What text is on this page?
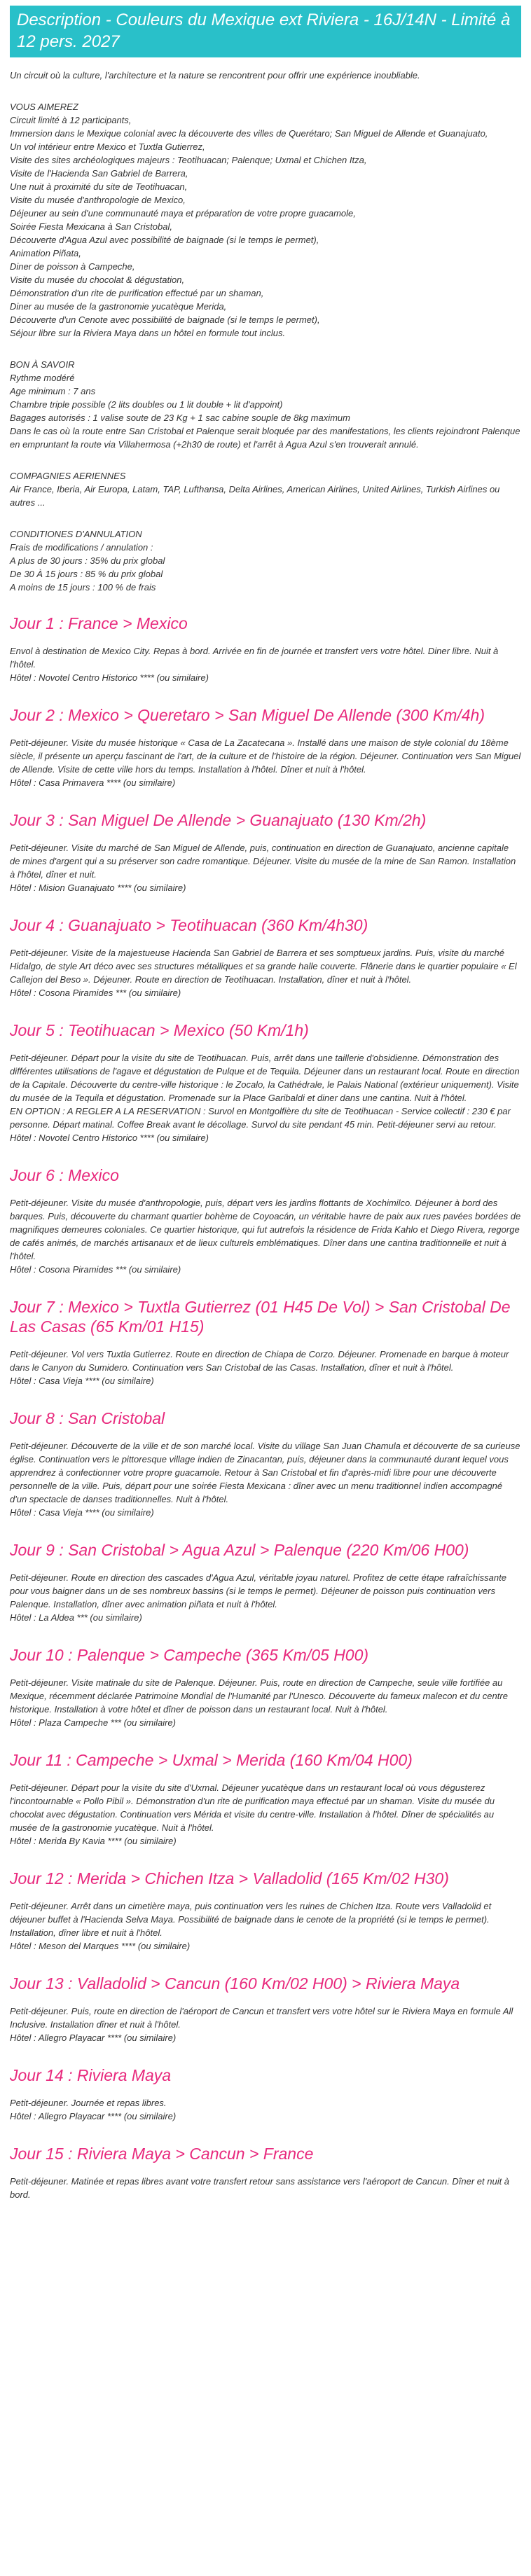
Description - Couleurs du Mexique ext Riviera - 16J/14N - Limité à 12 pers. 2027

Un circuit où la culture, l'architecture et la nature se rencontrent pour offrir une expérience inoubliable.

VOUS AIMEREZ
Circuit limité à 12 participants,
Immersion dans le Mexique colonial avec la découverte des villes de Querétaro; San Miguel de Allende et Guanajuato,
Un vol intérieur entre Mexico et Tuxtla Gutierrez,
Visite des sites archéologiques majeurs : Teotihuacan; Palenque; Uxmal et Chichen Itza,
Visite de l'Hacienda San Gabriel de Barrera,
Une nuit à proximité du site de Teotihuacan,
Visite du musée d'anthropologie de Mexico,
Déjeuner au sein d'une communauté maya et préparation de votre propre guacamole,
Soirée Fiesta Mexicana à San Cristobal,
Découverte d'Agua Azul avec possibilité de baignade (si le temps le permet),
Animation Piñata,
Diner de poisson à Campeche,
Visite du musée du chocolat & dégustation,
Démonstration d'un rite de purification effectué par un shaman,
Diner au musée de la gastronomie yucatèque Merida,
Découverte d'un Cenote avec possibilité de baignade (si le temps le permet),
Séjour libre sur la Riviera Maya dans un hôtel en formule tout inclus.
BON À SAVOIR
Rythme modéré
Age minimum : 7 ans
Chambre triple possible (2 lits doubles ou 1 lit double + lit d'appoint)
Bagages autorisés : 1 valise soute de 23 Kg + 1 sac cabine souple de 8kg maximum
Dans le cas où la route entre San Cristobal et Palenque serait bloquée par des manifestations, les clients rejoindront Palenque en empruntant la route via Villahermosa (+2h30 de route) et l'arrêt à Agua Azul s'en trouverait annulé.
COMPAGNIES AERIENNES
Air France, Iberia, Air Europa, Latam, TAP, Lufthansa, Delta Airlines, American Airlines, United Airlines, Turkish Airlines ou autres ...
CONDITIONES D'ANNULATION
Frais de modifications / annulation :
A plus de 30 jours : 35% du prix global
De 30 À 15 jours : 85 % du prix global
A moins de 15 jours : 100 % de frais
Jour 1 : France > Mexico
Envol à destination de Mexico City. Repas à bord. Arrivée en fin de journée et transfert vers votre hôtel. Diner libre. Nuit à l'hôtel.
Hôtel : Novotel Centro Historico **** (ou similaire)
Jour 2 : Mexico > Queretaro > San Miguel De Allende (300 Km/4h)
Petit-déjeuner. Visite du musée historique « Casa de La Zacatecana ». Installé dans une maison de style colonial du 18ème siècle, il présente un aperçu fascinant de l'art, de la culture et de l'histoire de la région. Déjeuner. Continuation vers San Miguel de Allende. Visite de cette ville hors du temps. Installation à l'hôtel. Dîner et nuit à l'hôtel.
Hôtel : Casa Primavera **** (ou similaire)
Jour 3 : San Miguel De Allende > Guanajuato (130 Km/2h)
Petit-déjeuner. Visite du marché de San Miguel de Allende, puis, continuation en direction de Guanajuato, ancienne capitale de mines d'argent qui a su préserver son cadre romantique. Déjeuner. Visite du musée de la mine de San Ramon. Installation à l'hôtel, dîner et nuit.
Hôtel : Mision Guanajuato **** (ou similaire)
Jour 4 : Guanajuato > Teotihuacan (360 Km/4h30)
Petit-déjeuner. Visite de la majestueuse Hacienda San Gabriel de Barrera et ses somptueux jardins. Puis, visite du marché Hidalgo, de style Art déco avec ses structures métalliques et sa grande halle couverte. Flânerie dans le quartier populaire « El Callejon del Beso ». Déjeuner. Route en direction de Teotihuacan. Installation, dîner et nuit à l'hôtel.
Hôtel : Cosona Piramides *** (ou similaire)
Jour 5 : Teotihuacan > Mexico (50 Km/1h)
Petit-déjeuner. Départ pour la visite du site de Teotihuacan. Puis, arrêt dans une taillerie d'obsidienne. Démonstration des différentes utilisations de l'agave et dégustation de Pulque et de Tequila. Déjeuner dans un restaurant local. Route en direction de la Capitale. Découverte du centre-ville historique : le Zocalo, la Cathédrale, le Palais National (extérieur uniquement). Visite du musée de la Tequila et dégustation. Promenade sur la Place Garibaldi et diner dans une cantina. Nuit à l'hôtel.
EN OPTION : A REGLER A LA RESERVATION : Survol en Montgolfière du site de Teotihuacan - Service collectif : 230 € par personne. Départ matinal. Coffee Break avant le décollage. Survol du site pendant 45 min. Petit-déjeuner servi au retour.
Hôtel : Novotel Centro Historico **** (ou similaire)
Jour 6 : Mexico
Petit-déjeuner. Visite du musée d'anthropologie, puis, départ vers les jardins flottants de Xochimilco. Déjeuner à bord des barques. Puis, découverte du charmant quartier bohème de Coyoacán, un véritable havre de paix aux rues pavées bordées de magnifiques demeures coloniales. Ce quartier historique, qui fut autrefois la résidence de Frida Kahlo et Diego Rivera, regorge de cafés animés, de marchés artisanaux et de lieux culturels emblématiques. Dîner dans une cantina traditionnelle et nuit à l'hôtel.
Hôtel : Cosona Piramides *** (ou similaire)
Jour 7 : Mexico > Tuxtla Gutierrez (01 H45 De Vol) > San Cristobal De Las Casas (65 Km/01 H15)
Petit-déjeuner. Vol vers Tuxtla Gutierrez. Route en direction de Chiapa de Corzo. Déjeuner. Promenade en barque à moteur dans le Canyon du Sumidero. Continuation vers San Cristobal de las Casas. Installation, dîner et nuit à l'hôtel.
Hôtel : Casa Vieja **** (ou similaire)
Jour 8 : San Cristobal
Petit-déjeuner. Découverte de la ville et de son marché local. Visite du village San Juan Chamula et découverte de sa curieuse église. Continuation vers le pittoresque village indien de Zinacantan, puis, déjeuner dans la communauté durant lequel vous apprendrez à confectionner votre propre guacamole. Retour à San Cristobal et fin d'après-midi libre pour une découverte personnelle de la ville. Puis, départ pour une soirée Fiesta Mexicana : dîner avec un menu traditionnel indien accompagné d'un spectacle de danses traditionnelles. Nuit à l'hôtel.
Hôtel : Casa Vieja **** (ou similaire)
Jour 9 : San Cristobal > Agua Azul > Palenque (220 Km/06 H00)
Petit-déjeuner. Route en direction des cascades d'Agua Azul, véritable joyau naturel. Profitez de cette étape rafraîchissante pour vous baigner dans un de ses nombreux bassins (si le temps le permet). Déjeuner de poisson puis continuation vers Palenque. Installation, dîner avec animation piñata et nuit à l'hôtel.
Hôtel : La Aldea *** (ou similaire)
Jour 10 : Palenque > Campeche (365 Km/05 H00)
Petit-déjeuner. Visite matinale du site de Palenque. Déjeuner. Puis, route en direction de Campeche, seule ville fortifiée au Mexique, récemment déclarée Patrimoine Mondial de l'Humanité par l'Unesco. Découverte du fameux malecon et du centre historique. Installation à votre hôtel et dîner de poisson dans un restaurant local. Nuit à l'hôtel.
Hôtel : Plaza Campeche *** (ou similaire)
Jour 11 : Campeche > Uxmal > Merida (160 Km/04 H00)
Petit-déjeuner. Départ pour la visite du site d'Uxmal. Déjeuner yucatèque dans un restaurant local où vous dégusterez l'incontournable « Pollo Pibil ». Démonstration d'un rite de purification maya effectué par un shaman. Visite du musée du chocolat avec dégustation. Continuation vers Mérida et visite du centre-ville. Installation à l'hôtel. Dîner de spécialités au musée de la gastronomie yucatèque. Nuit à l'hôtel.
Hôtel : Merida By Kavia **** (ou similaire)
Jour 12 : Merida > Chichen Itza > Valladolid (165 Km/02 H30)
Petit-déjeuner. Arrêt dans un cimetière maya, puis continuation vers les ruines de Chichen Itza. Route vers Valladolid et déjeuner buffet à l'Hacienda Selva Maya. Possibilité de baignade dans le cenote de la propriété (si le temps le permet). Installation, dîner libre et nuit à l'hôtel.
Hôtel : Meson del Marques **** (ou similaire)
Jour 13 : Valladolid > Cancun (160 Km/02 H00) > Riviera Maya
Petit-déjeuner. Puis, route en direction de l'aéroport de Cancun et transfert vers votre hôtel sur le Riviera Maya en formule All Inclusive. Installation dîner et nuit à l'hôtel.
Hôtel : Allegro Playacar **** (ou similaire)
Jour 14 : Riviera Maya
Petit-déjeuner. Journée et repas libres.
Hôtel : Allegro Playacar **** (ou similaire)
Jour 15 : Riviera Maya > Cancun > France
Petit-déjeuner. Matinée et repas libres avant votre transfert retour sans assistance vers l'aéroport de Cancun. Dîner et nuit à bord.
